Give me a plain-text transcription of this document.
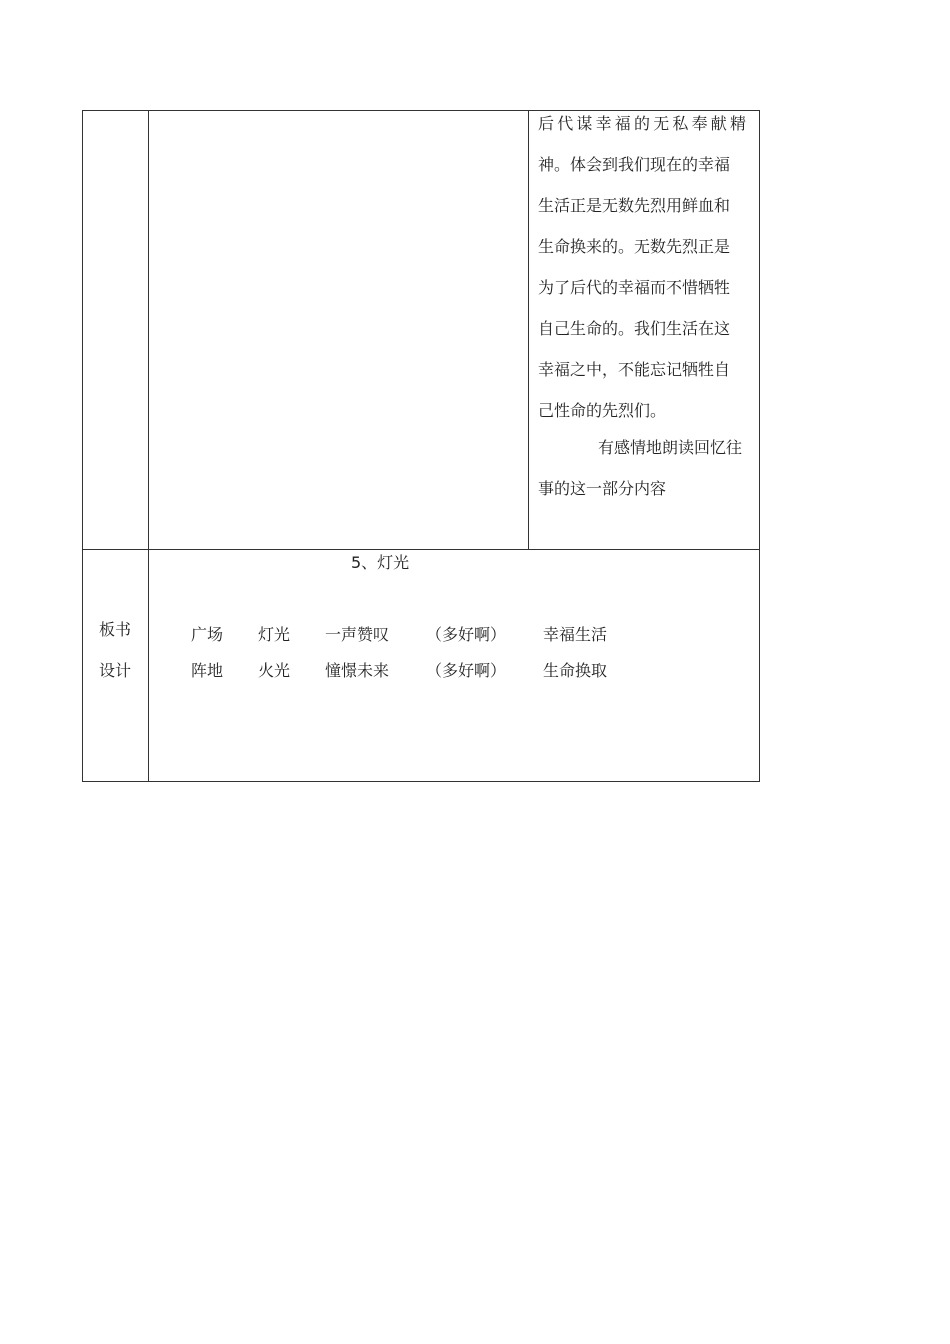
后代谋幸福的无私奉献精
神。体会到我们现在的幸福
生活正是无数先烈用鲜血和
生命换来的。无数先烈正是
为了后代的幸福而不惜牺牲
自己生命的。我们生活在这
幸福之中，不能忘记牺牲自
己性命的先烈们。
有感情地朗读回忆往
事的这一部分内容
板书
设计
5、灯光
广场 灯光 一声赞叹 （多好啊） 幸福生活
阵地 火光 憧憬未来 （多好啊） 生命换取
